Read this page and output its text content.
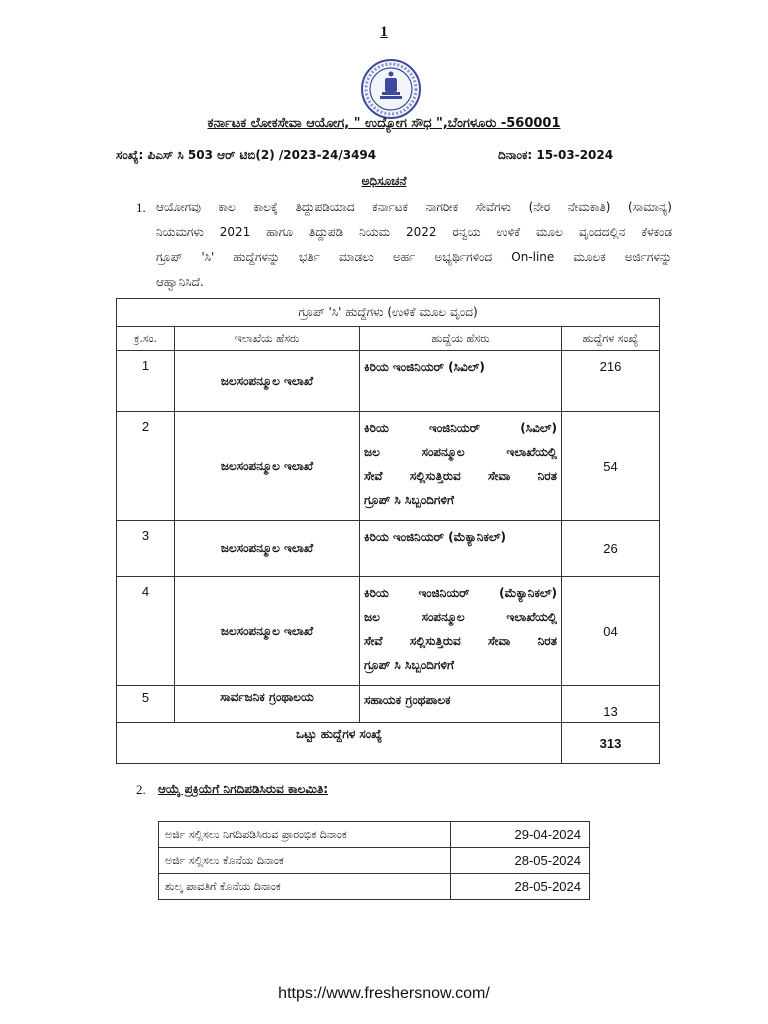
1
ಕರ್ನಾಟಕ ಲೋಕಸೇವಾ ಆಯೋಗ, " ಉದ್ಯೋಗ ಸೌಧ ",ಬೆಂಗಳೂರು -560001
ಸಂಖ್ಯೆ: ಪಿಎಸ್ ಸಿ 503 ಆರ್ ಟಿಬಿ(2) /2023-24/3494	ದಿನಾಂಕ: 15-03-2024
ಅಧಿಸೂಚನೆ
1. ಆಯೋಗವು ಕಾಲ ಕಾಲಕ್ಕೆ ತಿದ್ದುಪಡಿಯಾದ ಕರ್ನಾಟಕ ನಾಗರೀಕ ಸೇವೆಗಳು (ನೇರ ನೇಮಕಾತಿ) (ಸಾಮಾನ್ಯ)
ನಿಯಮಗಳು 2021 ಹಾಗೂ ತಿದ್ದುಪಡಿ ನಿಯಮ 2022 ರನ್ವಯ ಉಳಿಕೆ ಮೂಲ ವೃಂದದಲ್ಲಿನ ಕೆಳಕಂಡ
ಗ್ರೂಪ್ 'ಸಿ' ಹುದ್ದೆಗಳನ್ನು ಭರ್ತಿ ಮಾಡಲು ಅರ್ಹ ಅಭ್ಯರ್ಥಿಗಳಿಂದ On-line ಮೂಲಕ ಅರ್ಜಿಗಳನ್ನು
ಆಹ್ವಾನಿಸಿದೆ.
ಗ್ರೂಪ್ 'ಸಿ' ಹುದ್ದೆಗಳು (ಉಳಿಕೆ ಮೂಲ ವೃಂದ)			
ಕ್ರ.ಸಂ.	ಇಲಾಖೆಯ ಹೆಸರು	ಹುದ್ದೆಯ ಹೆಸರು	ಹುದ್ದೆಗಳ ಸಂಖ್ಯೆ
1	ಜಲಸಂಪನ್ಮೂಲ ಇಲಾಖೆ	ಕಿರಿಯ ಇಂಜಿನಿಯರ್ (ಸಿವಿಲ್)	216
2	ಜಲಸಂಪನ್ಮೂಲ ಇಲಾಖೆ	ಕಿರಿಯ ಇಂಜಿನಿಯರ್ (ಸಿವಿಲ್)
ಜಲ ಸಂಪನ್ಮೂಲ ಇಲಾಖೆಯಲ್ಲಿ
ಸೇವೆ ಸಲ್ಲಿಸುತ್ತಿರುವ ಸೇವಾ ನಿರತ
ಗ್ರೂಪ್ ಸಿ ಸಿಬ್ಬಂದಿಗಳಿಗೆ	54
3	ಜಲಸಂಪನ್ಮೂಲ ಇಲಾಖೆ	ಕಿರಿಯ ಇಂಜಿನಿಯರ್ (ಮೆಕ್ಯಾನಿಕಲ್)	26
4	ಜಲಸಂಪನ್ಮೂಲ ಇಲಾಖೆ	ಕಿರಿಯ ಇಂಜಿನಿಯರ್ (ಮೆಕ್ಯಾನಿಕಲ್)
ಜಲ ಸಂಪನ್ಮೂಲ ಇಲಾಖೆಯಲ್ಲಿ
ಸೇವೆ ಸಲ್ಲಿಸುತ್ತಿರುವ ಸೇವಾ ನಿರತ
ಗ್ರೂಪ್ ಸಿ ಸಿಬ್ಬಂದಿಗಳಿಗೆ	04
5	ಸಾರ್ವಜನಿಕ ಗ್ರಂಥಾಲಯ	ಸಹಾಯಕ ಗ್ರಂಥಪಾಲಕ	13
ಒಟ್ಟು ಹುದ್ದೆಗಳ ಸಂಖ್ಯೆ			313
2. ಆಯ್ಕೆ ಪ್ರಕ್ರಿಯೆಗೆ ನಿಗದಿಪಡಿಸಿರುವ ಕಾಲಮಿತಿ:
ಅರ್ಜಿ ಸಲ್ಲಿಸಲು ನಿಗದಿಪಡಿಸಿರುವ ಪ್ರಾರಂಭಿಕ ದಿನಾಂಕ	29-04-2024
ಅರ್ಜಿ ಸಲ್ಲಿಸಲು ಕೊನೆಯ ದಿನಾಂಕ	28-05-2024
ಶುಲ್ಕ ಪಾವತಿಗೆ ಕೊನೆಯ ದಿನಾಂಕ	28-05-2024
https://www.freshersnow.com/
